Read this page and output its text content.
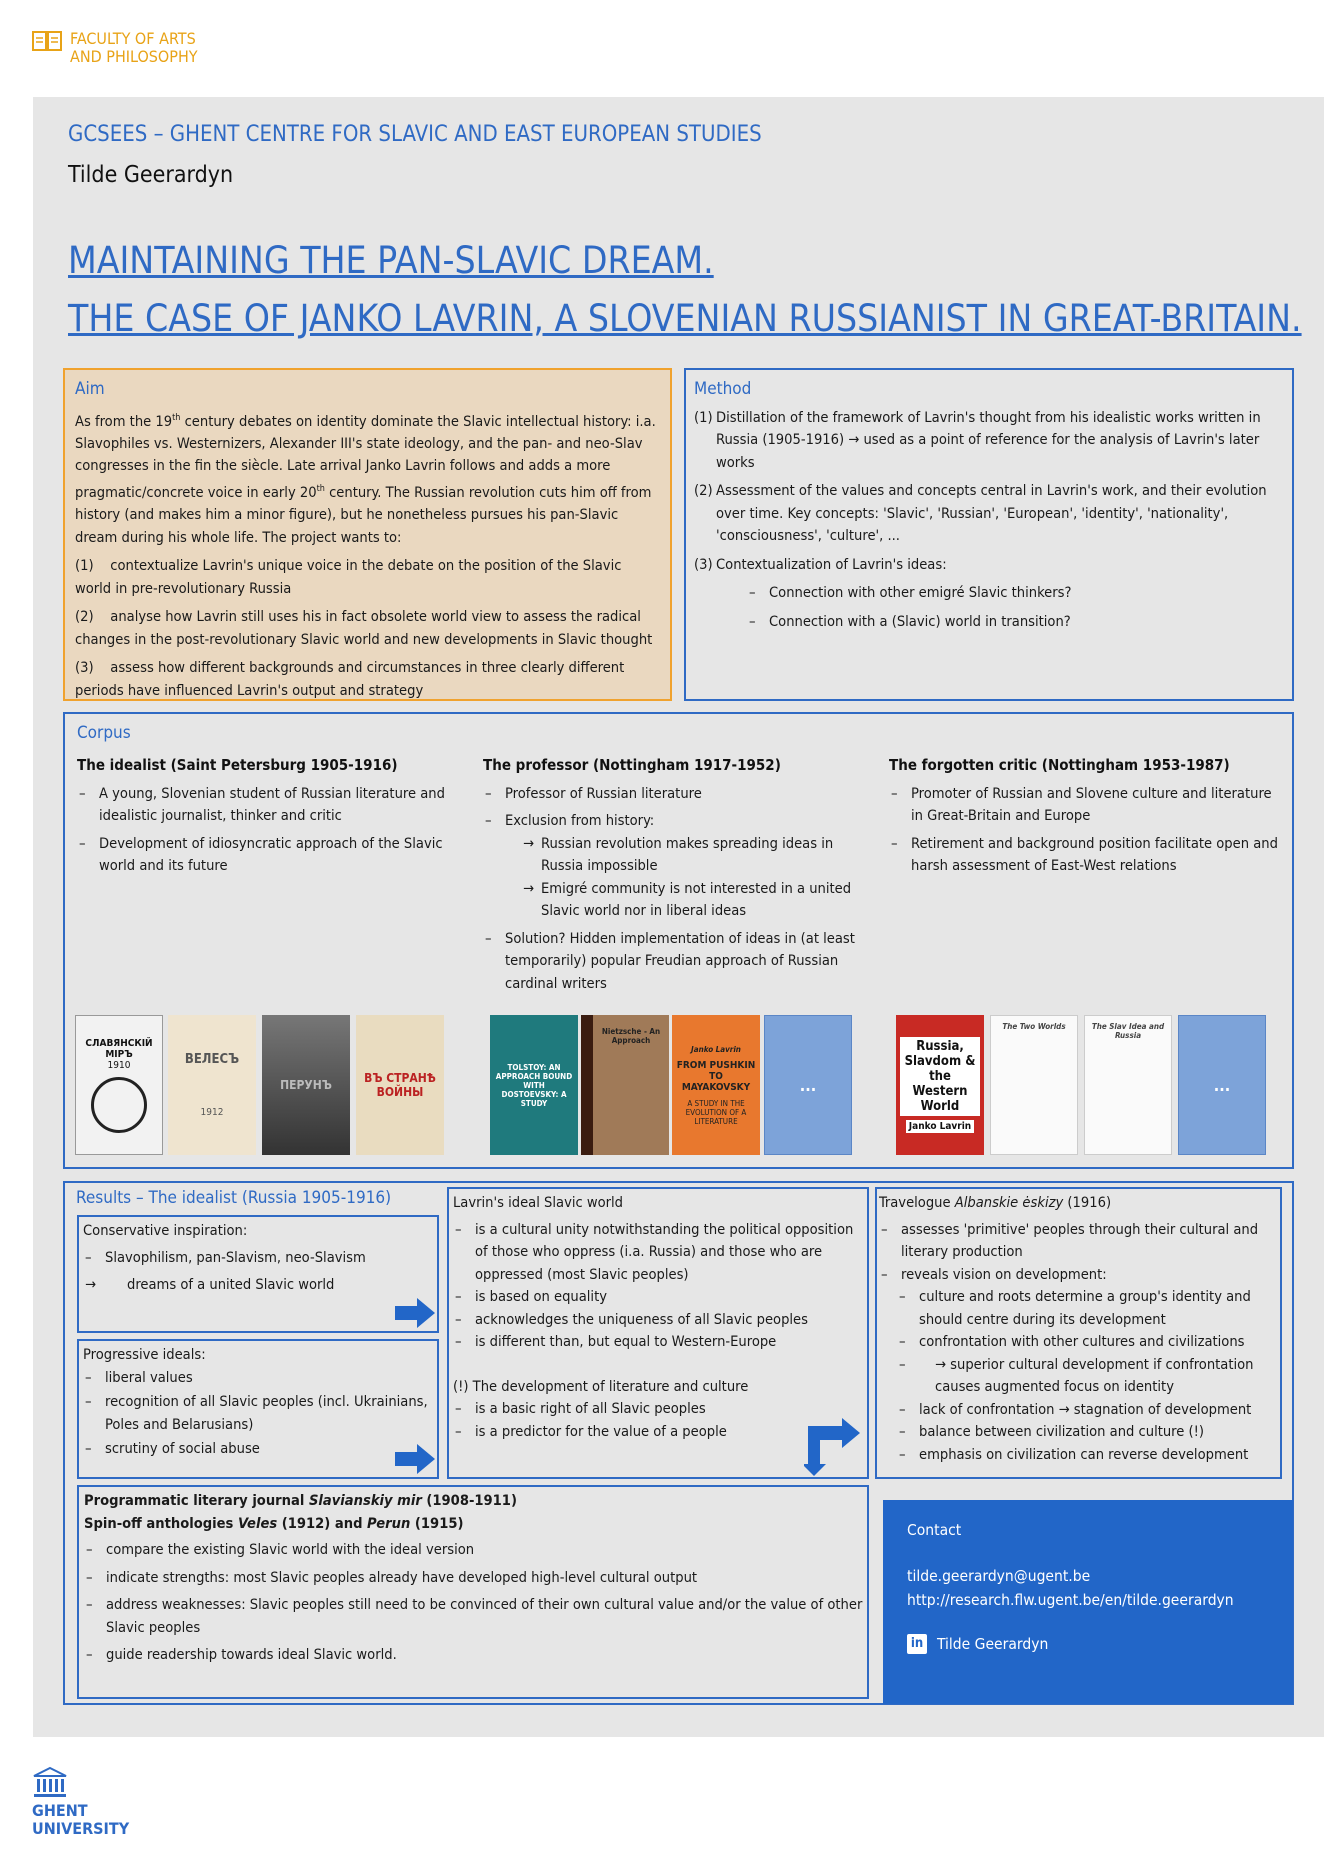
FACULTY OF ARTS
AND PHILOSOPHY
GCSEES – GHENT CENTRE FOR SLAVIC AND EAST EUROPEAN STUDIES
Tilde Geerardyn
MAINTAINING THE PAN-SLAVIC DREAM.
THE CASE OF JANKO LAVRIN, A SLOVENIAN RUSSIANIST IN GREAT-BRITAIN.
Aim

As from the 19th century debates on identity dominate the Slavic intellectual history: i.a. Slavophiles vs. Westernizers, Alexander III's state ideology, and the pan- and neo-Slav congresses in the fin the siècle. Late arrival Janko Lavrin follows and adds a more pragmatic/concrete voice in early 20th century. The Russian revolution cuts him off from history (and makes him a minor figure), but he nonetheless pursues his pan-Slavic dream during his whole life. The project wants to:

(1) contextualize Lavrin's unique voice in the debate on the position of the Slavic world in pre-revolutionary Russia
(2) analyse how Lavrin still uses his in fact obsolete world view to assess the radical changes in the post-revolutionary Slavic world and new developments in Slavic thought
(3) assess how different backgrounds and circumstances in three clearly different periods have influenced Lavrin's output and strategy
Method
(1) Distillation of the framework of Lavrin's thought from his idealistic works written in Russia (1905-1916) → used as a point of reference for the analysis of Lavrin's later works
(2) Assessment of the values and concepts central in Lavrin's work, and their evolution over time. Key concepts: 'Slavic', 'Russian', 'European', 'identity', 'nationality', 'consciousness', 'culture', ...
(3) Contextualization of Lavrin's ideas:
– Connection with other emigré Slavic thinkers?
– Connection with a (Slavic) world in transition?
Corpus
The idealist (Saint Petersburg 1905-1916)
– A young, Slovenian student of Russian literature and idealistic journalist, thinker and critic
– Development of idiosyncratic approach of the Slavic world and its future
The professor (Nottingham 1917-1952)
– Professor of Russian literature
– Exclusion from history:
→ Russian revolution makes spreading ideas in Russia impossible
→ Emigré community is not interested in a united Slavic world nor in liberal ideas
– Solution? Hidden implementation of ideas in (at least temporarily) popular Freudian approach of Russian cardinal writers
The forgotten critic (Nottingham 1953-1987)
– Promoter of Russian and Slovene culture and literature in Great-Britain and Europe
– Retirement and background position facilitate open and harsh assessment of East-West relations
СЛАВЯНСКIЙ МIРЪ
1910	ВЕЛЕСЪ
1912
ПЕРУНЪ	ВЪ СТРАНѢ ВОЙНЫ
TOLSTOY: AN APPROACH BOUND WITH DOSTOEVSKY: A STUDY
Nietzsche - An Approach
Janko Lavrin
FROM PUSHKIN TO MAYAKOVSKY
A STUDY IN THE EVOLUTION OF A LITERATURE
...
Russia, Slavdom & the Western World
Janko Lavrin
The Two Worlds	The Slav Idea and Russia
...
Results – The idealist (Russia 1905-1916)
Conservative inspiration:
– Slavophilism, pan-Slavism, neo-Slavism
→ dreams of a united Slavic world
Progressive ideals:
– liberal values
– recognition of all Slavic peoples (incl. Ukrainians, Poles and Belarusians)
– scrutiny of social abuse
Lavrin's ideal Slavic world
– is a cultural unity notwithstanding the political opposition of those who oppress (i.a. Russia) and those who are oppressed (most Slavic peoples)
– is based on equality
– acknowledges the uniqueness of all Slavic peoples
– is different than, but equal to Western-Europe
(!) The development of literature and culture
– is a basic right of all Slavic peoples
– is a predictor for the value of a people
Travelogue Albanskie ėskizy (1916)
– assesses 'primitive' peoples through their cultural and literary production
– reveals vision on development:
– culture and roots determine a group's identity and should centre during its development
– confrontation with other cultures and civilizations
– → superior cultural development if confrontation causes augmented focus on identity
– lack of confrontation → stagnation of development
– balance between civilization and culture (!)
– emphasis on civilization can reverse development
Programmatic literary journal Slavianskiy mir (1908-1911)
Spin-off anthologies Veles (1912) and Perun (1915)
– compare the existing Slavic world with the ideal version
– indicate strengths: most Slavic peoples already have developed high-level cultural output
– address weaknesses: Slavic peoples still need to be convinced of their own cultural value and/or the value of other Slavic peoples
– guide readership towards ideal Slavic world.
Contact
tilde.geerardyn@ugent.be
http://research.flw.ugent.be/en/tilde.geerardyn
in Tilde Geerardyn
GHENT
UNIVERSITY
